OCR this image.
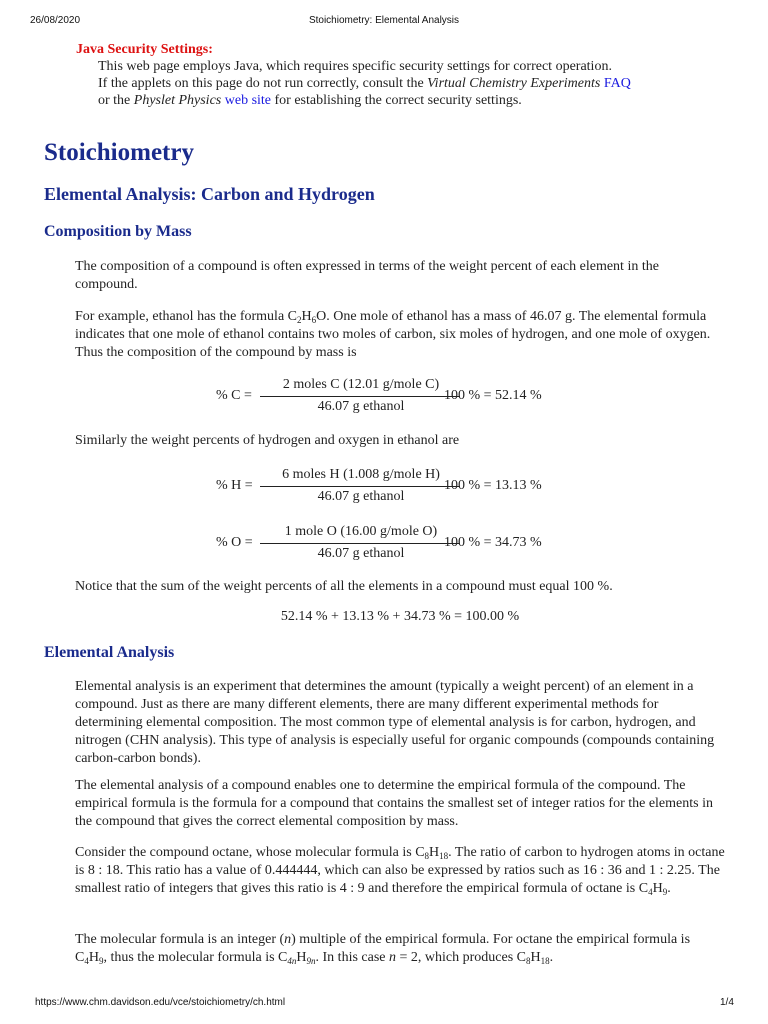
26/08/2020	Stoichiometry: Elemental Analysis
Java Security Settings:
This web page employs Java, which requires specific security settings for correct operation.
If the applets on this page do not run correctly, consult the Virtual Chemistry Experiments FAQ
or the Physlet Physics web site for establishing the correct security settings.
Stoichiometry
Elemental Analysis: Carbon and Hydrogen
Composition by Mass
The composition of a compound is often expressed in terms of the weight percent of each element in the compound.
For example, ethanol has the formula $C_2H_6O$. One mole of ethanol has a mass of 46.07 g. The elemental formula indicates that one mole of ethanol contains two moles of carbon, six moles of hydrogen, and one mole of oxygen. Thus the composition of the compound by mass is
% C =
2 moles C (12.01 g/mole C)
46.07 g ethanol
100 % = 52.14 %
Similarly the weight percents of hydrogen and oxygen in ethanol are
% H =
6 moles H (1.008 g/mole H)
46.07 g ethanol
100 % = 13.13 %
% O =
1 mole O (16.00 g/mole O)
46.07 g ethanol
100 % = 34.73 %
Notice that the sum of the weight percents of all the elements in a compound must equal 100 %.
52.14 % + 13.13 % + 34.73 % = 100.00 %
Elemental Analysis
Elemental analysis is an experiment that determines the amount (typically a weight percent) of an element in a compound. Just as there are many different elements, there are many different experimental methods for determining elemental composition. The most common type of elemental analysis is for carbon, hydrogen, and nitrogen (CHN analysis). This type of analysis is especially useful for organic compounds (compounds containing carbon-carbon bonds).
The elemental analysis of a compound enables one to determine the empirical formula of the compound. The empirical formula is the formula for a compound that contains the smallest set of integer ratios for the elements in the compound that gives the correct elemental composition by mass.
Consider the compound octane, whose molecular formula is $C_8H_{18}$. The ratio of carbon to hydrogen atoms in octane is 8 : 18. This ratio has a value of 0.444444, which can also be expressed by ratios such as 16 : 36 and 1 : 2.25. The smallest ratio of integers that gives this ratio is 4 : 9 and therefore the empirical formula of octane is $C_4H_9$.
The molecular formula is an integer (n) multiple of the empirical formula. For octane the empirical formula is $C_4H_9$, thus the molecular formula is $C_{4n}H_{9n}$. In this case n = 2, which produces $C_8H_{18}$.
https://www.chm.davidson.edu/vce/stoichiometry/ch.html	1/4
